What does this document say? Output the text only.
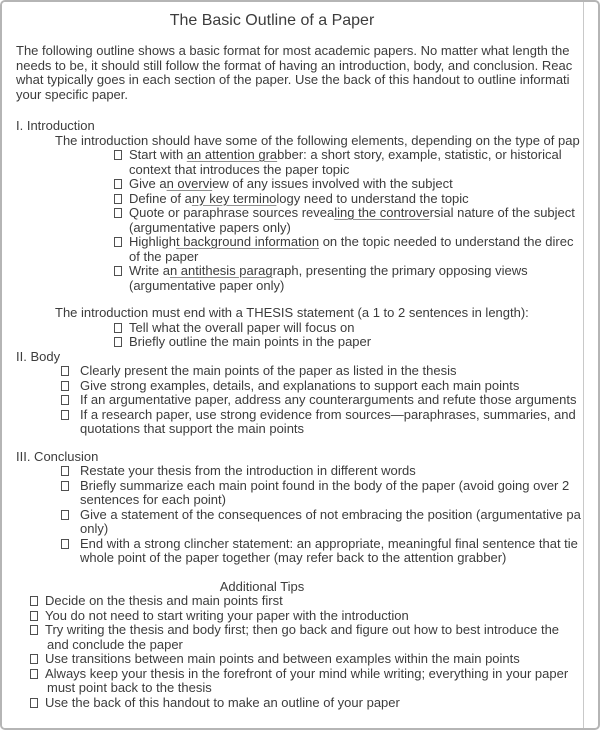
The Basic Outline of a Paper
The following outline shows a basic format for most academic papers. No matter what length the
needs to be, it should still follow the format of having an introduction, body, and conclusion. Reac
what typically goes in each section of the paper. Use the back of this handout to outline informati
your specific paper.
I. Introduction
The introduction should have some of the following elements, depending on the type of pap
Start with an attention grabber: a short story, example, statistic, or historical
context that introduces the paper topic
Give an overview of any issues involved with the subject
Define of any key terminology need to understand the topic
Quote or paraphrase sources revealing the controversial nature of the subject
(argumentative papers only)
Highlight background information on the topic needed to understand the direc
of the paper
Write an antithesis paragraph, presenting the primary opposing views
(argumentative paper only)
The introduction must end with a THESIS statement (a 1 to 2 sentences in length):
Tell what the overall paper will focus on
Briefly outline the main points in the paper
II. Body
Clearly present the main points of the paper as listed in the thesis
Give strong examples, details, and explanations to support each main points
If an argumentative paper, address any counterarguments and refute those arguments
If a research paper, use strong evidence from sources—paraphrases, summaries, and
quotations that support the main points
III. Conclusion
Restate your thesis from the introduction in different words
Briefly summarize each main point found in the body of the paper (avoid going over 2
sentences for each point)
Give a statement of the consequences of not embracing the position (argumentative pa
only)
End with a strong clincher statement: an appropriate, meaningful final sentence that tie
whole point of the paper together (may refer back to the attention grabber)
Additional Tips
Decide on the thesis and main points first
You do not need to start writing your paper with the introduction
Try writing the thesis and body first; then go back and figure out how to best introduce the
and conclude the paper
Use transitions between main points and between examples within the main points
Always keep your thesis in the forefront of your mind while writing; everything in your paper
must point back to the thesis
Use the back of this handout to make an outline of your paper
